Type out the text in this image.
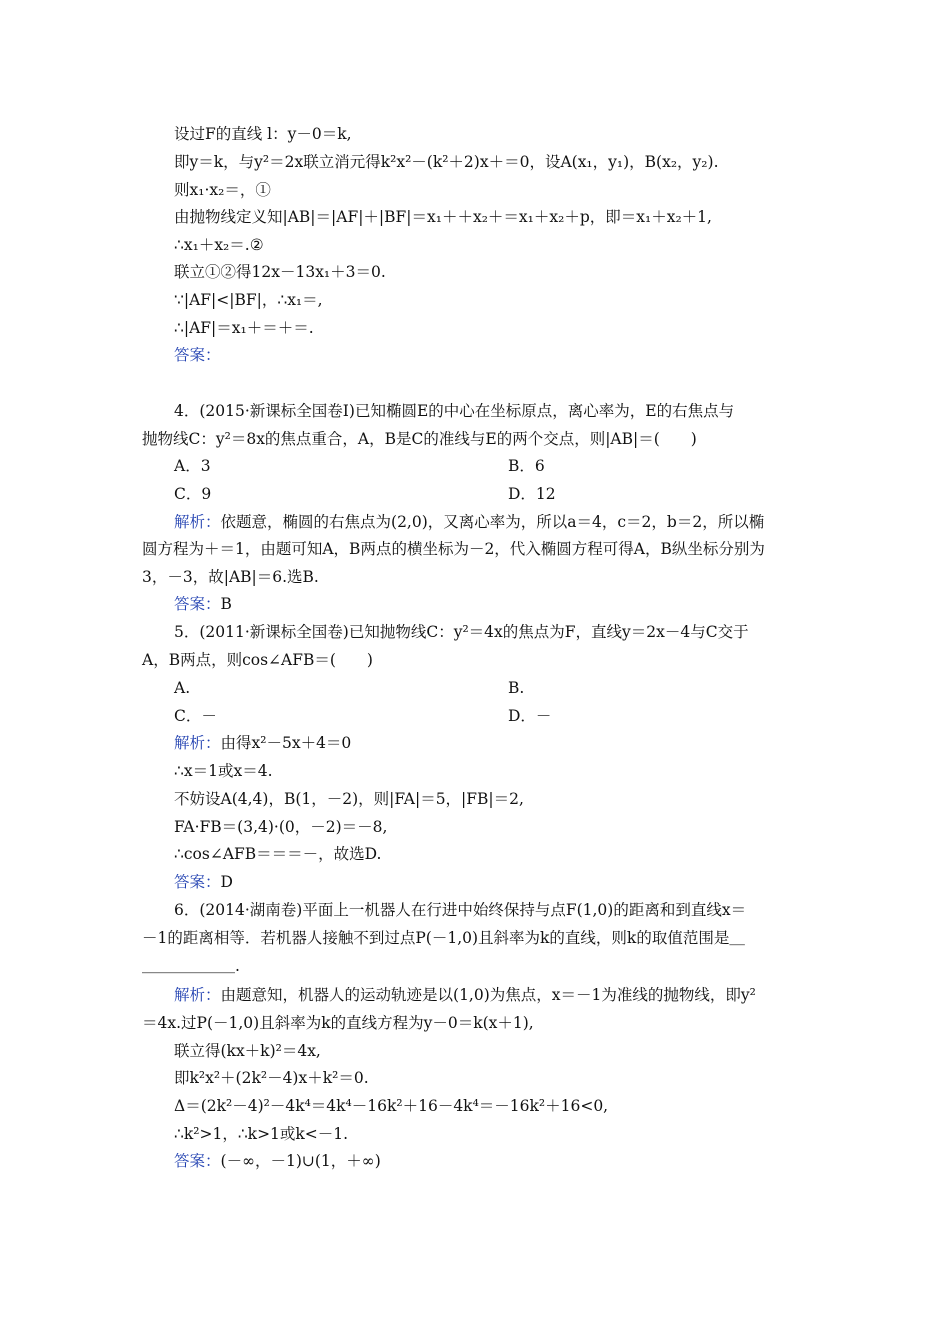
设过F的直线 l：y－0＝k,
即y＝k，与y²＝2x联立消元得k²x²－(k²＋2)x＋＝0，设A(x₁，y₁)，B(x₂，y₂).
则x₁·x₂＝，①
由抛物线定义知|AB|＝|AF|＋|BF|＝x₁＋＋x₂＋＝x₁＋x₂＋p，即＝x₁＋x₂＋1,
∴x₁＋x₂＝.②
联立①②得12x－13x₁＋3＝0.
∵|AF|<|BF|，∴x₁＝,
∴|AF|＝x₁＋＝＋＝.
答案：
4．(2015·新课标全国卷Ⅰ)已知椭圆E的中心在坐标原点，离心率为，E的右焦点与
抛物线C：y²＝8x的焦点重合，A，B是C的准线与E的两个交点，则|AB|＝(　　)
A．3	B．6
C．9	D．12
解析：依题意，椭圆的右焦点为(2,0)，又离心率为，所以a＝4，c＝2，b＝2，所以椭
圆方程为＋＝1，由题可知A，B两点的横坐标为－2，代入椭圆方程可得A，B纵坐标分别为
3，－3，故|AB|＝6.选B.
答案：B
5．(2011·新课标全国卷)已知抛物线C：y²＝4x的焦点为F，直线y＝2x－4与C交于
A，B两点，则cos∠AFB＝(　　)
A.	B.
C．－	D．－
解析：由得x²－5x＋4＝0
∴x＝1或x＝4.
不妨设A(4,4)，B(1，－2)，则|FA|＝5，|FB|＝2,
FA·FB＝(3,4)·(0，－2)＝－8,
∴cos∠AFB＝＝＝－，故选D.
答案：D
6．(2014·湖南卷)平面上一机器人在行进中始终保持与点F(1,0)的距离和到直线x＝
－1的距离相等．若机器人接触不到过点P(－1,0)且斜率为k的直线，则k的取值范围是＿
＿＿＿＿＿＿.
解析：由题意知，机器人的运动轨迹是以(1,0)为焦点，x＝－1为准线的抛物线，即y²
＝4x.过P(－1,0)且斜率为k的直线方程为y－0＝k(x＋1),
联立得(kx＋k)²＝4x,
即k²x²＋(2k²－4)x＋k²＝0.
Δ＝(2k²－4)²－4k⁴＝4k⁴－16k²＋16－4k⁴＝－16k²＋16<0,
∴k²>1，∴k>1或k<－1.
答案：(－∞，－1)∪(1，＋∞)
